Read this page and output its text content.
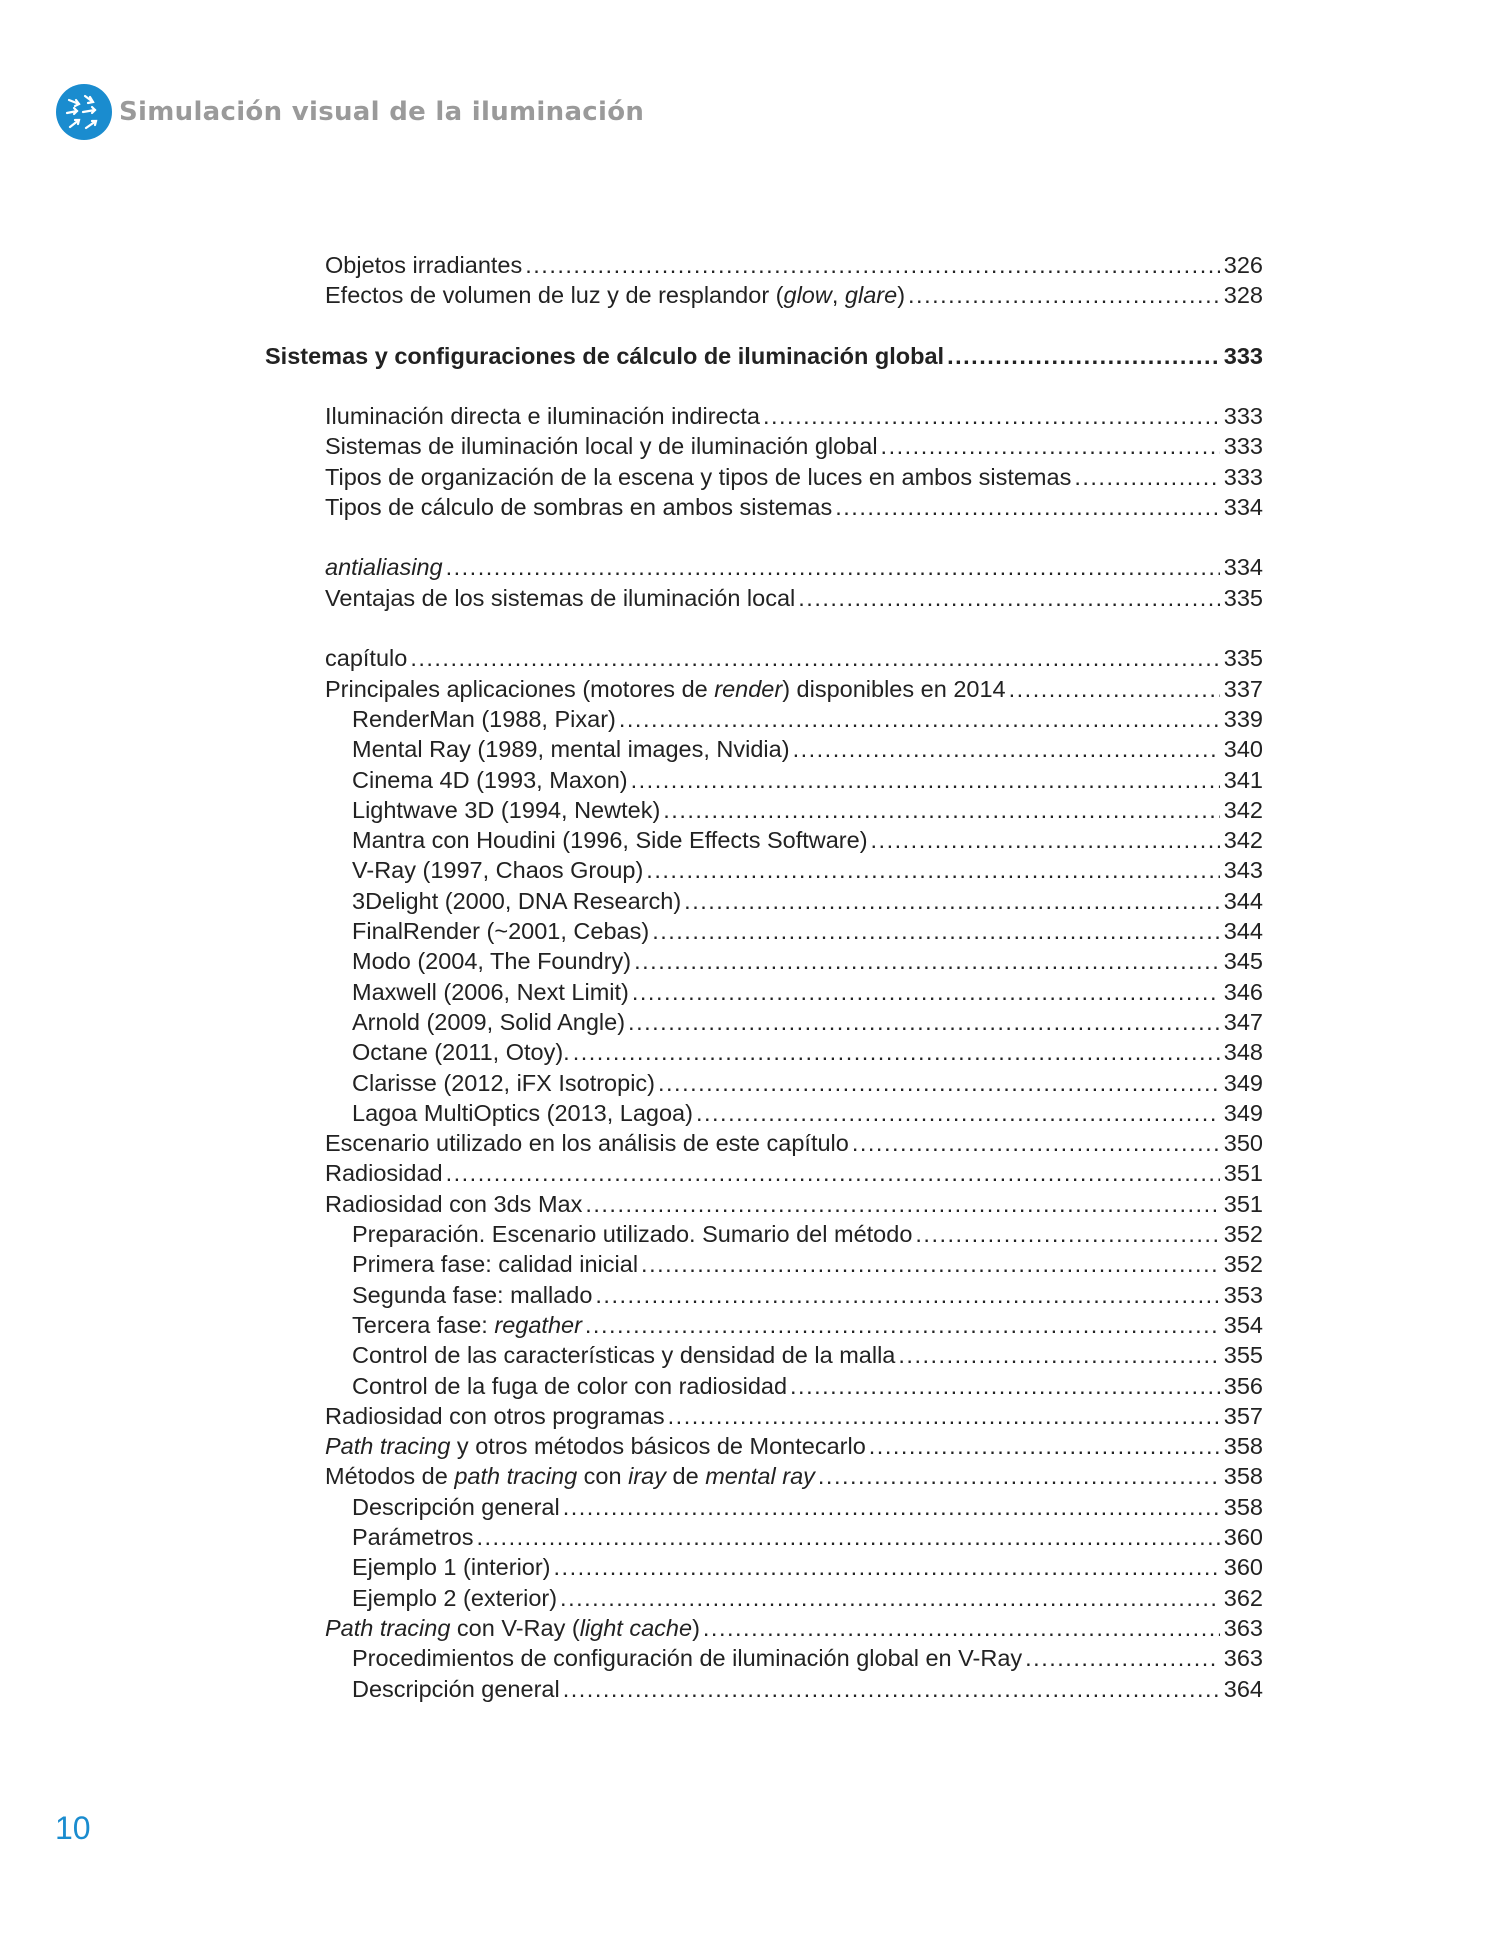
Simulación visual de la iluminación
Objetos irradiantes .....	326
Efectos de volumen de luz y de resplandor (glow, glare) .....	328
Sistemas y configuraciones de cálculo de iluminación global .....	333
Iluminación directa e iluminación indirecta .....	333
Sistemas de iluminación local y de iluminación global .....	333
Tipos de organización de la escena y tipos de luces en ambos sistemas .....	333
Tipos de cálculo de sombras en ambos sistemas .....	334
antialiasing .....	334
Ventajas de los sistemas de iluminación local .....	335
capítulo .....	335
Principales aplicaciones (motores de render) disponibles en 2014 .....	337
RenderMan (1988, Pixar) .....	339
Mental Ray (1989, mental images, Nvidia) .....	340
Cinema 4D (1993, Maxon) .....	341
Lightwave 3D (1994, Newtek) .....	342
Mantra con Houdini (1996, Side Effects Software) .....	342
V-Ray (1997, Chaos Group) .....	343
3Delight (2000, DNA Research) .....	344
FinalRender (~2001, Cebas) .....	344
Modo (2004, The Foundry) .....	345
Maxwell (2006, Next Limit) .....	346
Arnold (2009, Solid Angle) .....	347
Octane (2011, Otoy). .....	348
Clarisse (2012, iFX Isotropic) .....	349
Lagoa MultiOptics (2013, Lagoa) .....	349
Escenario utilizado en los análisis de este capítulo .....	350
Radiosidad .....	351
Radiosidad con 3ds Max .....	351
Preparación. Escenario utilizado. Sumario del método .....	352
Primera fase: calidad inicial .....	352
Segunda fase: mallado .....	353
Tercera fase: regather .....	354
Control de las características y densidad de la malla .....	355
Control de la fuga de color con radiosidad .....	356
Radiosidad con otros programas .....	357
Path tracing y otros métodos básicos de Montecarlo .....	358
Métodos de path tracing con iray de mental ray .....	358
Descripción general .....	358
Parámetros .....	360
Ejemplo 1 (interior) .....	360
Ejemplo 2 (exterior) .....	362
Path tracing con V-Ray (light cache) .....	363
Procedimientos de configuración de iluminación global en V-Ray .....	363
Descripción general .....	364
10
